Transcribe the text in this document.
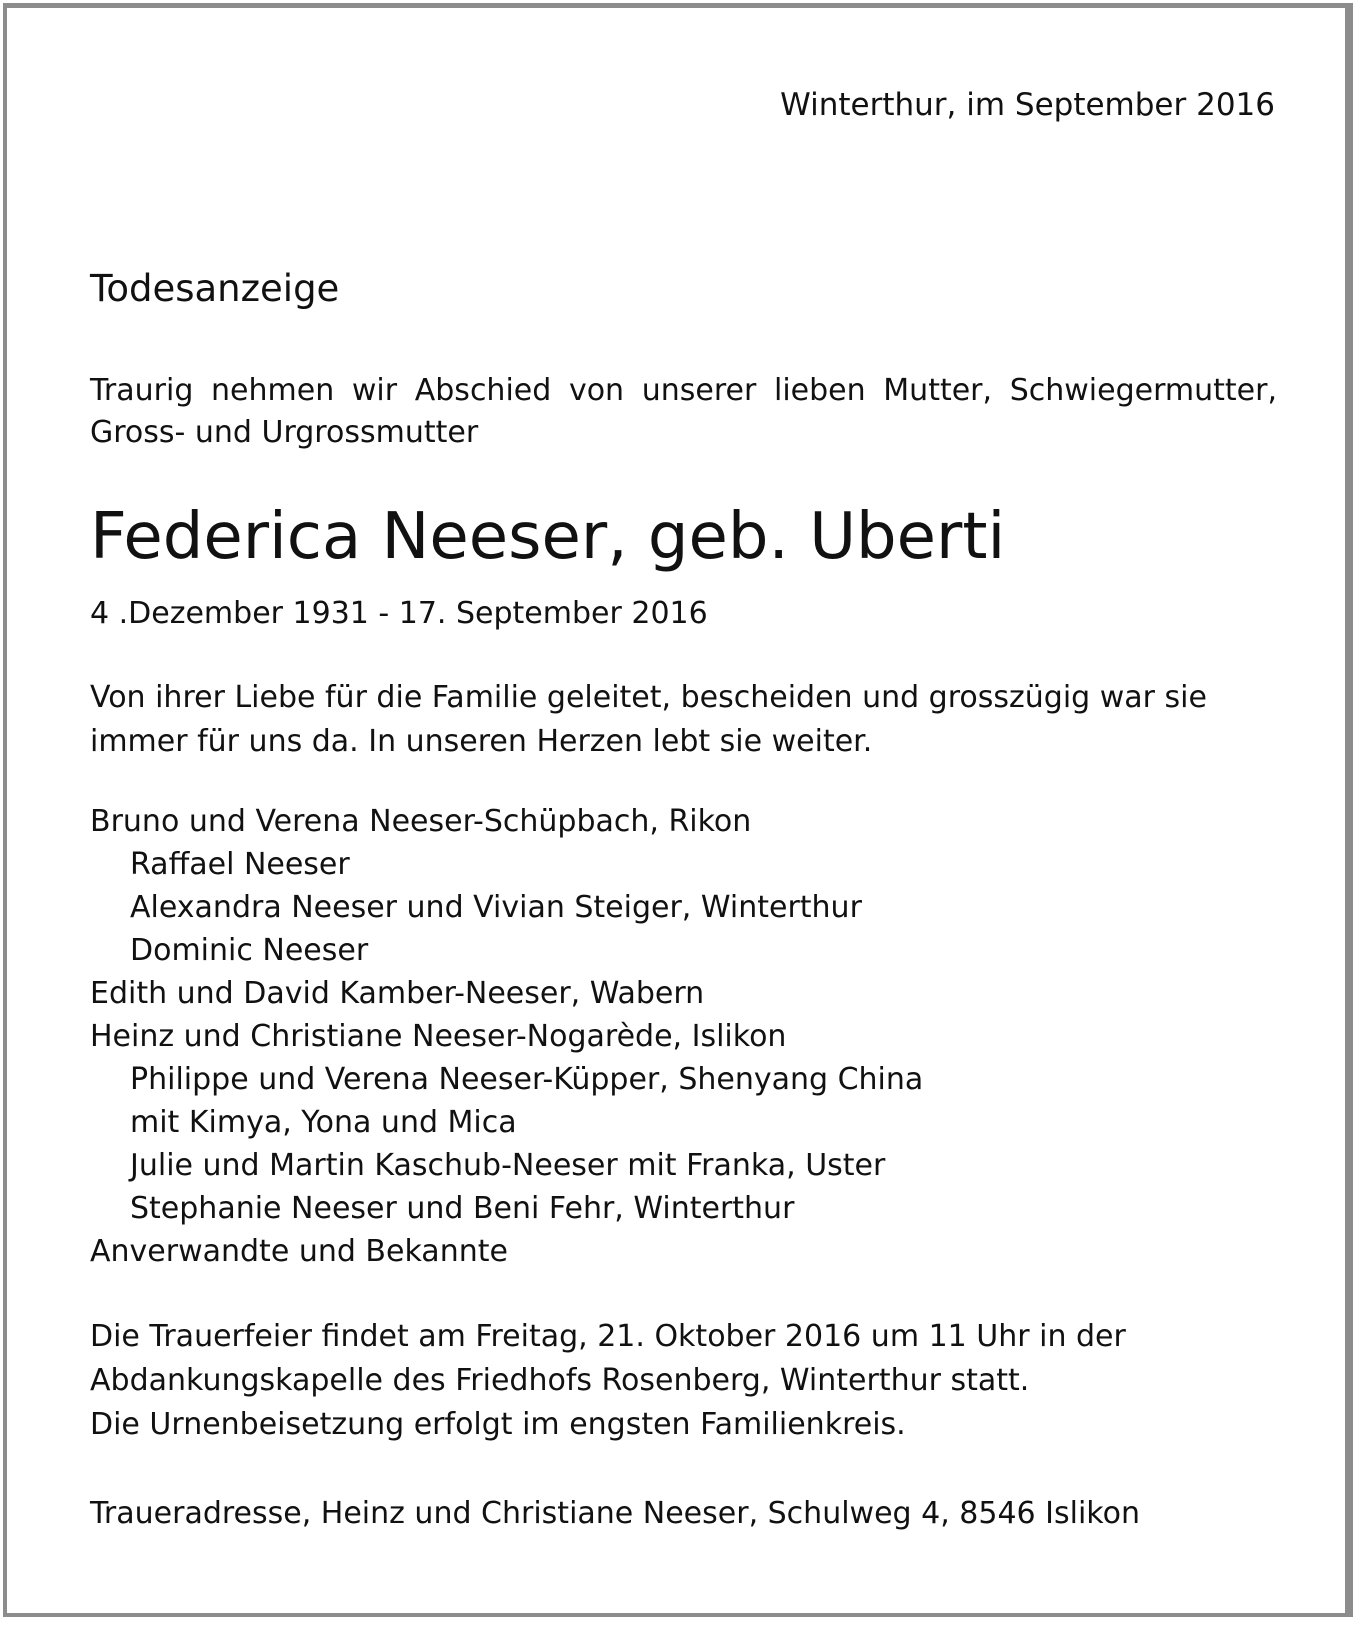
Winterthur, im September 2016

Todesanzeige
Traurig nehmen wir Abschied von unserer lieben Mutter, Schwiegermutter,
Gross- und Urgrossmutter
Federica Neeser, geb. Uberti

4 .Dezember 1931 - 17. September 2016

Von ihrer Liebe für die Familie geleitet, bescheiden und grosszügig war sie
immer für uns da. In unseren Herzen lebt sie weiter.
Bruno und Verena Neeser-Schüpbach, Rikon
Raffael Neeser
Alexandra Neeser und Vivian Steiger, Winterthur
Dominic Neeser
Edith und David Kamber-Neeser, Wabern
Heinz und Christiane Neeser-Nogarède, Islikon
Philippe und Verena Neeser-Küpper, Shenyang China
mit Kimya, Yona und Mica
Julie und Martin Kaschub-Neeser mit Franka, Uster
Stephanie Neeser und Beni Fehr, Winterthur
Anverwandte und Bekannte
Die Trauerfeier findet am Freitag, 21. Oktober 2016 um 11 Uhr in der
Abdankungskapelle des Friedhofs Rosenberg, Winterthur statt.
Die Urnenbeisetzung erfolgt im engsten Familienkreis.

Traueradresse, Heinz und Christiane Neeser, Schulweg 4, 8546 Islikon
